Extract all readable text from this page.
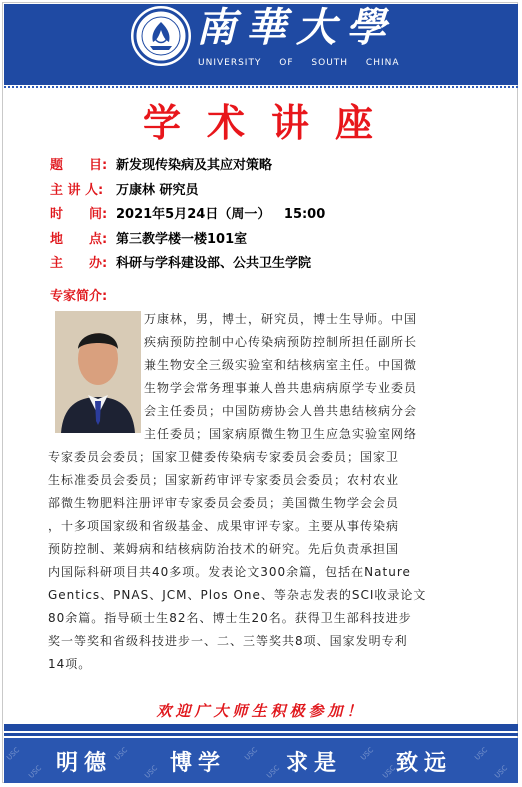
南華大學
UNIVERSITY OF SOUTH CHINA
学术讲座
题　　目: 新发现传染病及其应对策略
主 讲 人: 万康林 研究员
时　　间: 2021年5月24日（周一）   15:00
地　　点: 第三教学楼一楼101室
主　　办: 科研与学科建设部、公共卫生学院
专家简介:
万康林，男，博士，研究员，博士生导师。中国
疾病预防控制中心传染病预防控制所担任副所长
兼生物安全三级实验室和结核病室主任。中国微
生物学会常务理事兼人兽共患病病原学专业委员
会主任委员；中国防痨协会人兽共患结核病分会
主任委员；国家病原微生物卫生应急实验室网络
专家委员会委员；国家卫健委传染病专家委员会委员；国家卫
生标准委员会委员；国家新药审评专家委员会委员；农村农业
部微生物肥料注册评审专家委员会委员；美国微生物学会会员
，十多项国家级和省级基金、成果审评专家。主要从事传染病
预防控制、莱姆病和结核病防治技术的研究。先后负责承担国
内国际科研项目共40多项。发表论文300余篇，包括在Nature
Gentics、PNAS、JCM、Plos One、等杂志发表的SCI收录论文
80余篇。指导硕士生82名、博士生20名。获得卫生部科技进步
奖一等奖和省级科技进步一、二、三等奖共8项、国家发明专利
14项。
欢迎广大师生积极参加！
USC
USC
USC
USC
USC
USC
USC
USC
USC
USC
明德	博学	求是 致远
